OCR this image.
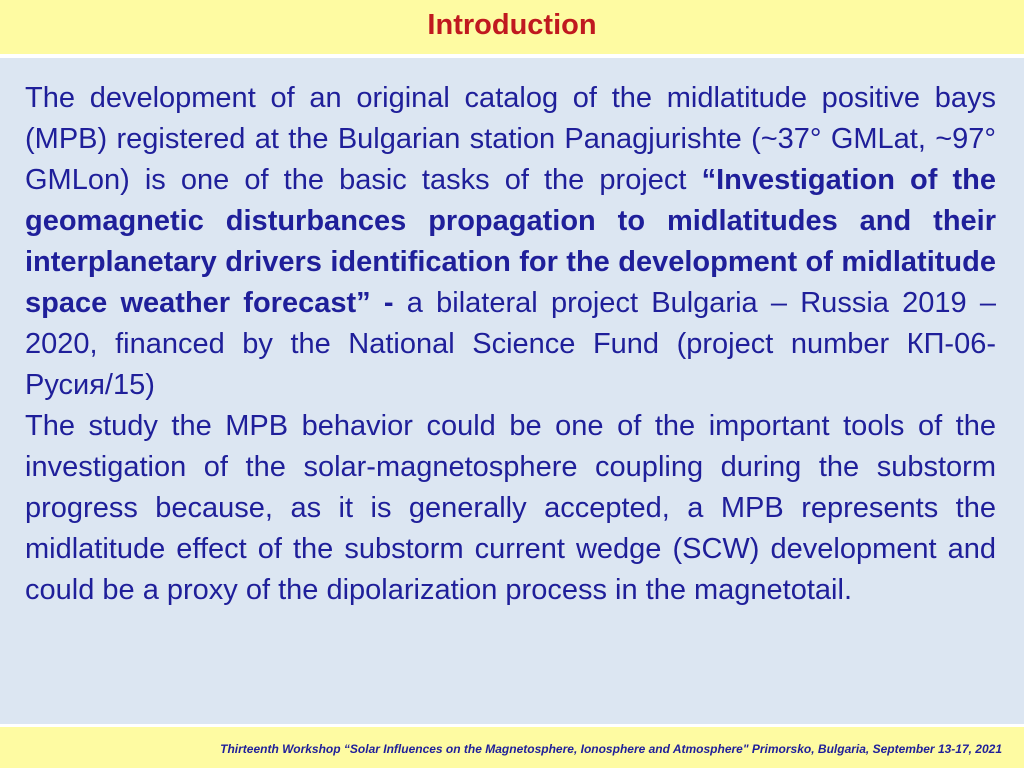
Introduction

The development of an original catalog of the midlatitude positive bays (MPB) registered at the Bulgarian station Panagjurishte (~37° GMLat, ~97° GMLon) is one of the basic tasks of the project “Investigation of the geomagnetic disturbances propagation to midlatitudes and their interplanetary drivers identification for the development of midlatitude space weather forecast” - a bilateral project Bulgaria – Russia 2019 – 2020, financed by the National Science Fund (project number КП-06-Русия/15)

The study the MPB behavior could be one of the important tools of the investigation of the solar-magnetosphere coupling during the substorm progress because, as it is generally accepted, a MPB represents the midlatitude effect of the substorm current wedge (SCW) development and could be a proxy of the dipolarization process in the magnetotail.

Thirteenth Workshop “Solar Influences on the Magnetosphere, Ionosphere and Atmosphere" Primorsko, Bulgaria, September 13-17, 2021
